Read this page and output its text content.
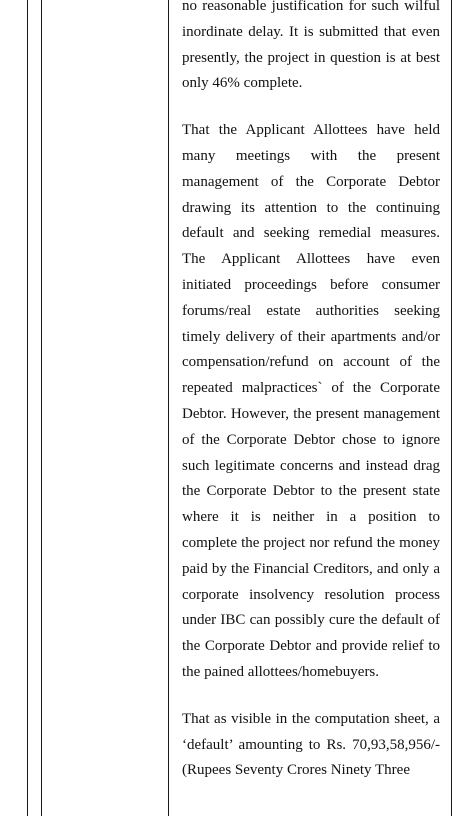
no reasonable justification for such wilful inordinate delay. It is submitted that even presently, the project in question is at best only 46% complete.

That the Applicant Allottees have held many meetings with the present management of the Corporate Debtor drawing its attention to the continuing default and seeking remedial measures. The Applicant Allottees have even initiated proceedings before consumer forums/real estate authorities seeking timely delivery of their apartments and/or compensation/refund on account of the repeated malpractices` of the Corporate Debtor. However, the present management of the Corporate Debtor chose to ignore such legitimate concerns and instead drag the Corporate Debtor to the present state where it is neither in a position to complete the project nor refund the money paid by the Financial Creditors, and only a corporate insolvency resolution process under IBC can possibly cure the default of the Corporate Debtor and provide relief to the pained allottees/homebuyers.

That as visible in the computation sheet, a ‘default’ amounting to Rs. 70,93,58,956/- (Rupees Seventy Crores Ninety Three
